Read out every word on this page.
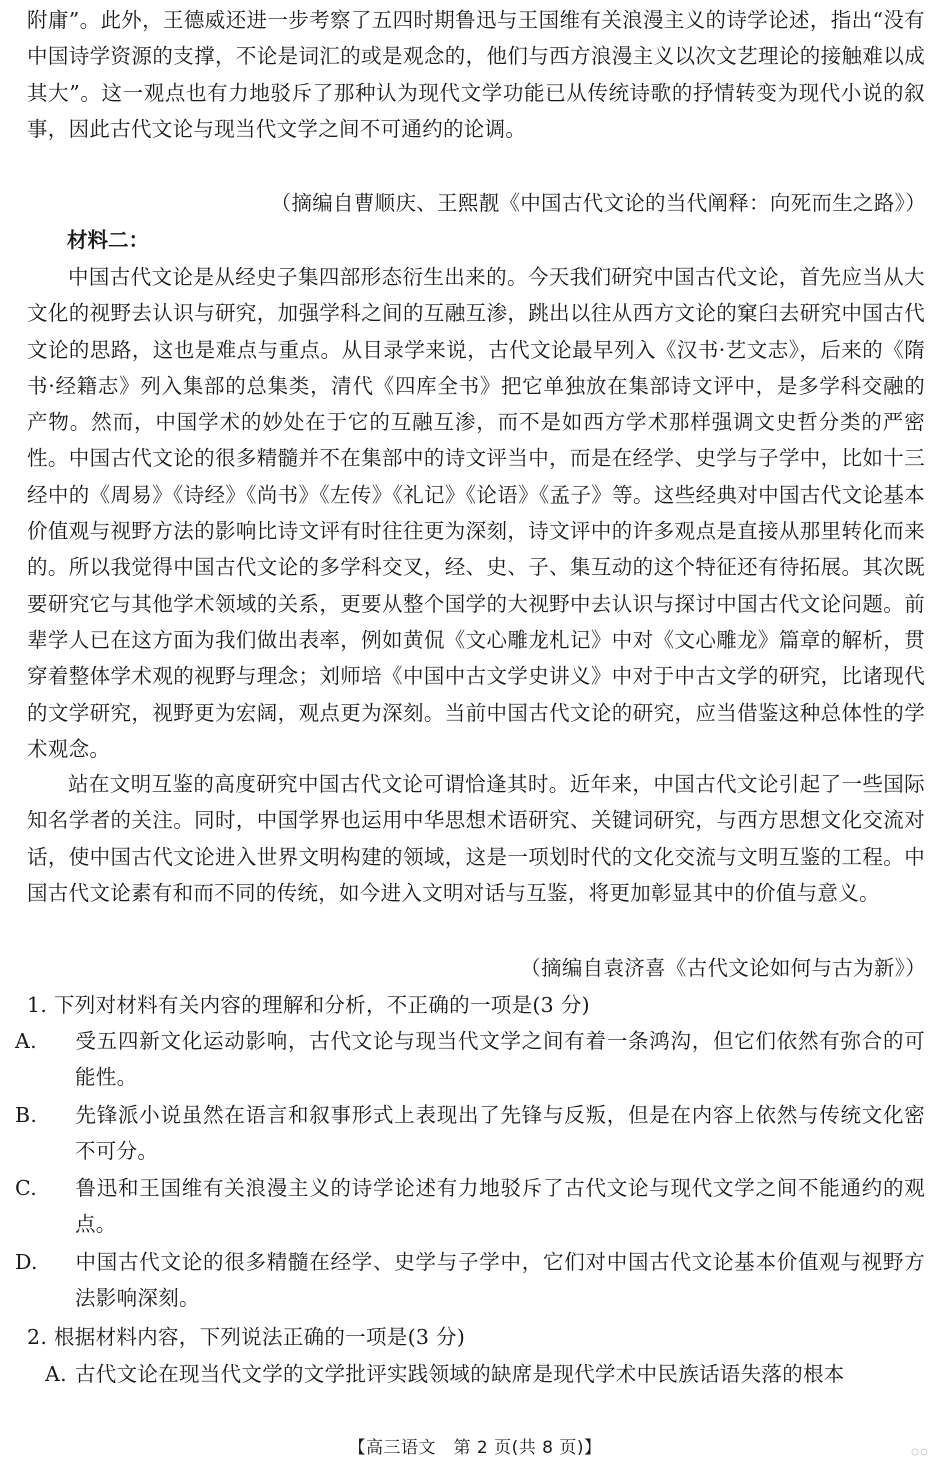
附庸”。此外，王德威还进一步考察了五四时期鲁迅与王国维有关浪漫主义的诗学论述，指出“没有中国诗学资源的支撑，不论是词汇的或是观念的，他们与西方浪漫主义以次文艺理论的接触难以成其大”。这一观点也有力地驳斥了那种认为现代文学功能已从传统诗歌的抒情转变为现代小说的叙事，因此古代文论与现当代文学之间不可通约的论调。

（摘编自曹顺庆、王熙靓《中国古代文论的当代阐释：向死而生之路》）

材料二：

中国古代文论是从经史子集四部形态衍生出来的。今天我们研究中国古代文论，首先应当从大文化的视野去认识与研究，加强学科之间的互融互渗，跳出以往从西方文论的窠臼去研究中国古代文论的思路，这也是难点与重点。从目录学来说，古代文论最早列入《汉书·艺文志》，后来的《隋书·经籍志》列入集部的总集类，清代《四库全书》把它单独放在集部诗文评中，是多学科交融的产物。然而，中国学术的妙处在于它的互融互渗，而不是如西方学术那样强调文史哲分类的严密性。中国古代文论的很多精髓并不在集部中的诗文评当中，而是在经学、史学与子学中，比如十三经中的《周易》《诗经》《尚书》《左传》《礼记》《论语》《孟子》等。这些经典对中国古代文论基本价值观与视野方法的影响比诗文评有时往往更为深刻，诗文评中的许多观点是直接从那里转化而来的。所以我觉得中国古代文论的多学科交叉，经、史、子、集互动的这个特征还有待拓展。其次既要研究它与其他学术领域的关系，更要从整个国学的大视野中去认识与探讨中国古代文论问题。前辈学人已在这方面为我们做出表率，例如黄侃《文心雕龙札记》中对《文心雕龙》篇章的解析，贯穿着整体学术观的视野与理念；刘师培《中国中古文学史讲义》中对于中古文学的研究，比诸现代的文学研究，视野更为宏阔，观点更为深刻。当前中国古代文论的研究，应当借鉴这种总体性的学术观念。

站在文明互鉴的高度研究中国古代文论可谓恰逢其时。近年来，中国古代文论引起了一些国际知名学者的关注。同时，中国学界也运用中华思想术语研究、关键词研究，与西方思想文化交流对话，使中国古代文论进入世界文明构建的领域，这是一项划时代的文化交流与文明互鉴的工程。中国古代文论素有和而不同的传统，如今进入文明对话与互鉴，将更加彰显其中的价值与意义。

（摘编自袁济喜《古代文论如何与古为新》）

1. 下列对材料有关内容的理解和分析，不正确的一项是(3 分)

A. 受五四新文化运动影响，古代文论与现当代文学之间有着一条鸿沟，但它们依然有弥合的可能性。

B. 先锋派小说虽然在语言和叙事形式上表现出了先锋与反叛，但是在内容上依然与传统文化密不可分。

C. 鲁迅和王国维有关浪漫主义的诗学论述有力地驳斥了古代文论与现代文学之间不能通约的观点。

D. 中国古代文论的很多精髓在经学、史学与子学中，它们对中国古代文论基本价值观与视野方法影响深刻。

2. 根据材料内容，下列说法正确的一项是(3 分)

A. 古代文论在现当代文学的文学批评实践领域的缺席是现代学术中民族话语失落的根本

【高三语文　第 2 页(共 8 页)】
